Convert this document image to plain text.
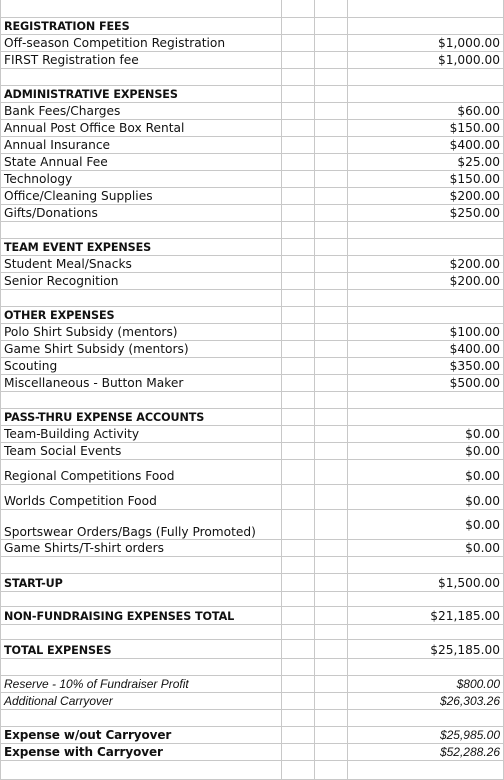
REGISTRATION FEES
Off-season Competition Registration	$1,000.00
FIRST Registration fee	$1,000.00
ADMINISTRATIVE EXPENSES
Bank Fees/Charges	$60.00
Annual Post Office Box Rental	$150.00
Annual Insurance	$400.00
State Annual Fee	$25.00
Technology	$150.00
Office/Cleaning Supplies	$200.00
Gifts/Donations	$250.00
TEAM EVENT EXPENSES
Student Meal/Snacks	$200.00
Senior Recognition	$200.00
OTHER EXPENSES
Polo Shirt Subsidy (mentors)	$100.00
Game Shirt Subsidy (mentors)	$400.00
Scouting	$350.00
Miscellaneous - Button Maker	$500.00
PASS-THRU EXPENSE ACCOUNTS
Team-Building Activity	$0.00
Team Social Events	$0.00
Regional Competitions Food	$0.00
Worlds Competition Food	$0.00
Sportswear Orders/Bags (Fully Promoted)	$0.00
Game Shirts/T-shirt orders	$0.00
START-UP	$1,500.00
NON-FUNDRAISING EXPENSES TOTAL	$21,185.00
TOTAL EXPENSES	$25,185.00
Reserve - 10% of Fundraiser Profit	$800.00
Additional Carryover	$26,303.26
Expense w/out Carryover	$25,985.00
Expense with Carryover	$52,288.26
